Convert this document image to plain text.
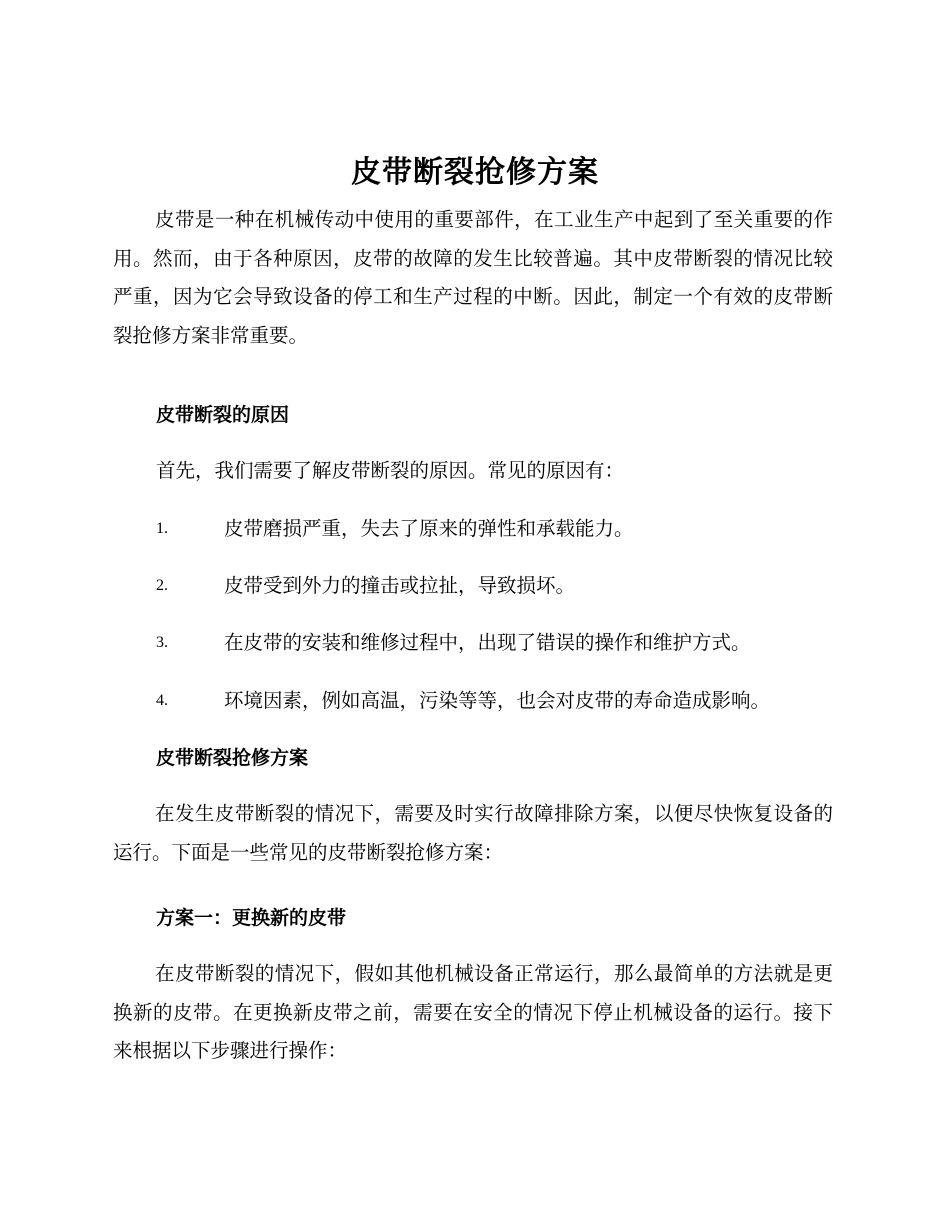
皮带断裂抢修方案
皮带是一种在机械传动中使用的重要部件，在工业生产中起到了至关重要的作用。然而，由于各种原因，皮带的故障的发生比较普遍。其中皮带断裂的情况比较严重，因为它会导致设备的停工和生产过程的中断。因此，制定一个有效的皮带断裂抢修方案非常重要。
皮带断裂的原因
首先，我们需要了解皮带断裂的原因。常见的原因有：
1.	皮带磨损严重，失去了原来的弹性和承载能力。
2.	皮带受到外力的撞击或拉扯，导致损坏。
3.	在皮带的安装和维修过程中，出现了错误的操作和维护方式。
4.	环境因素，例如高温，污染等等，也会对皮带的寿命造成影响。
皮带断裂抢修方案
在发生皮带断裂的情况下，需要及时实行故障排除方案，以便尽快恢复设备的运行。下面是一些常见的皮带断裂抢修方案：
方案一：更换新的皮带
在皮带断裂的情况下，假如其他机械设备正常运行，那么最简单的方法就是更换新的皮带。在更换新皮带之前，需要在安全的情况下停止机械设备的运行。接下来根据以下步骤进行操作：
